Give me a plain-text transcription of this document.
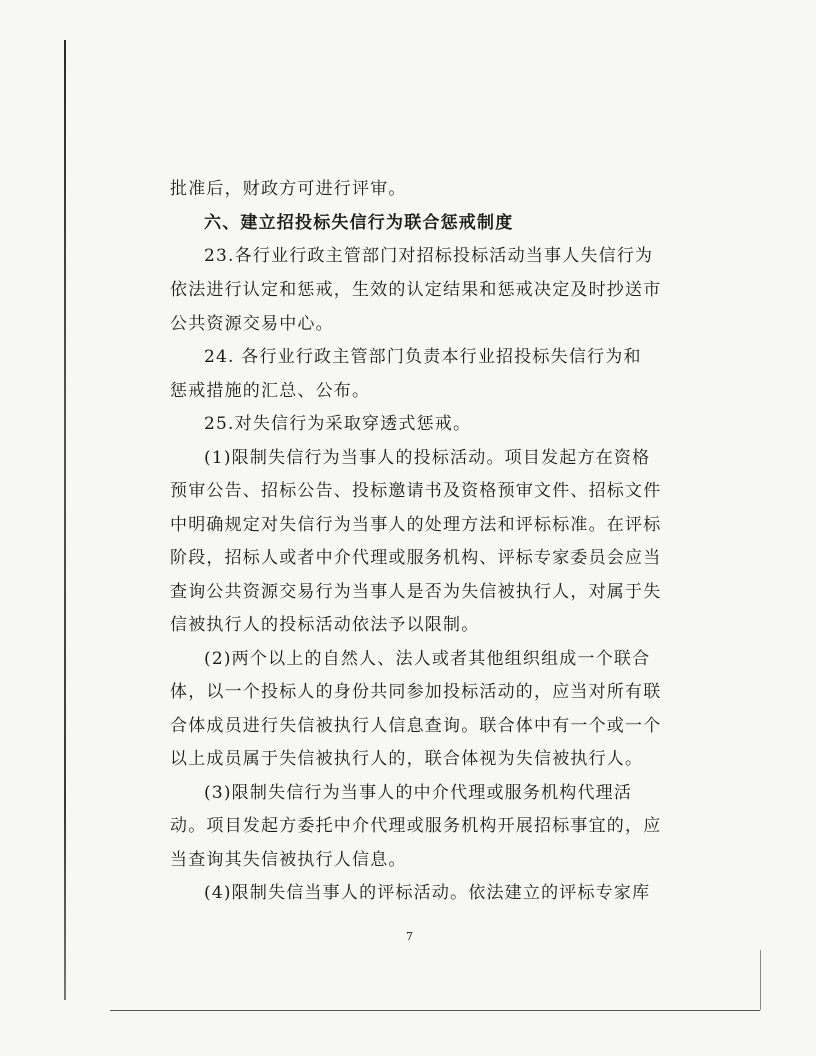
批准后，财政方可进行评审。
六、建立招投标失信行为联合惩戒制度
23.各行业行政主管部门对招标投标活动当事人失信行为
依法进行认定和惩戒，生效的认定结果和惩戒决定及时抄送市
公共资源交易中心。
24. 各行业行政主管部门负责本行业招投标失信行为和
惩戒措施的汇总、公布。
25.对失信行为采取穿透式惩戒。
(1)限制失信行为当事人的投标活动。项目发起方在资格
预审公告、招标公告、投标邀请书及资格预审文件、招标文件
中明确规定对失信行为当事人的处理方法和评标标准。在评标
阶段，招标人或者中介代理或服务机构、评标专家委员会应当
查询公共资源交易行为当事人是否为失信被执行人，对属于失
信被执行人的投标活动依法予以限制。
(2)两个以上的自然人、法人或者其他组织组成一个联合
体，以一个投标人的身份共同参加投标活动的，应当对所有联
合体成员进行失信被执行人信息查询。联合体中有一个或一个
以上成员属于失信被执行人的，联合体视为失信被执行人。
(3)限制失信行为当事人的中介代理或服务机构代理活
动。项目发起方委托中介代理或服务机构开展招标事宜的，应
当查询其失信被执行人信息。
(4)限制失信当事人的评标活动。依法建立的评标专家库
7
